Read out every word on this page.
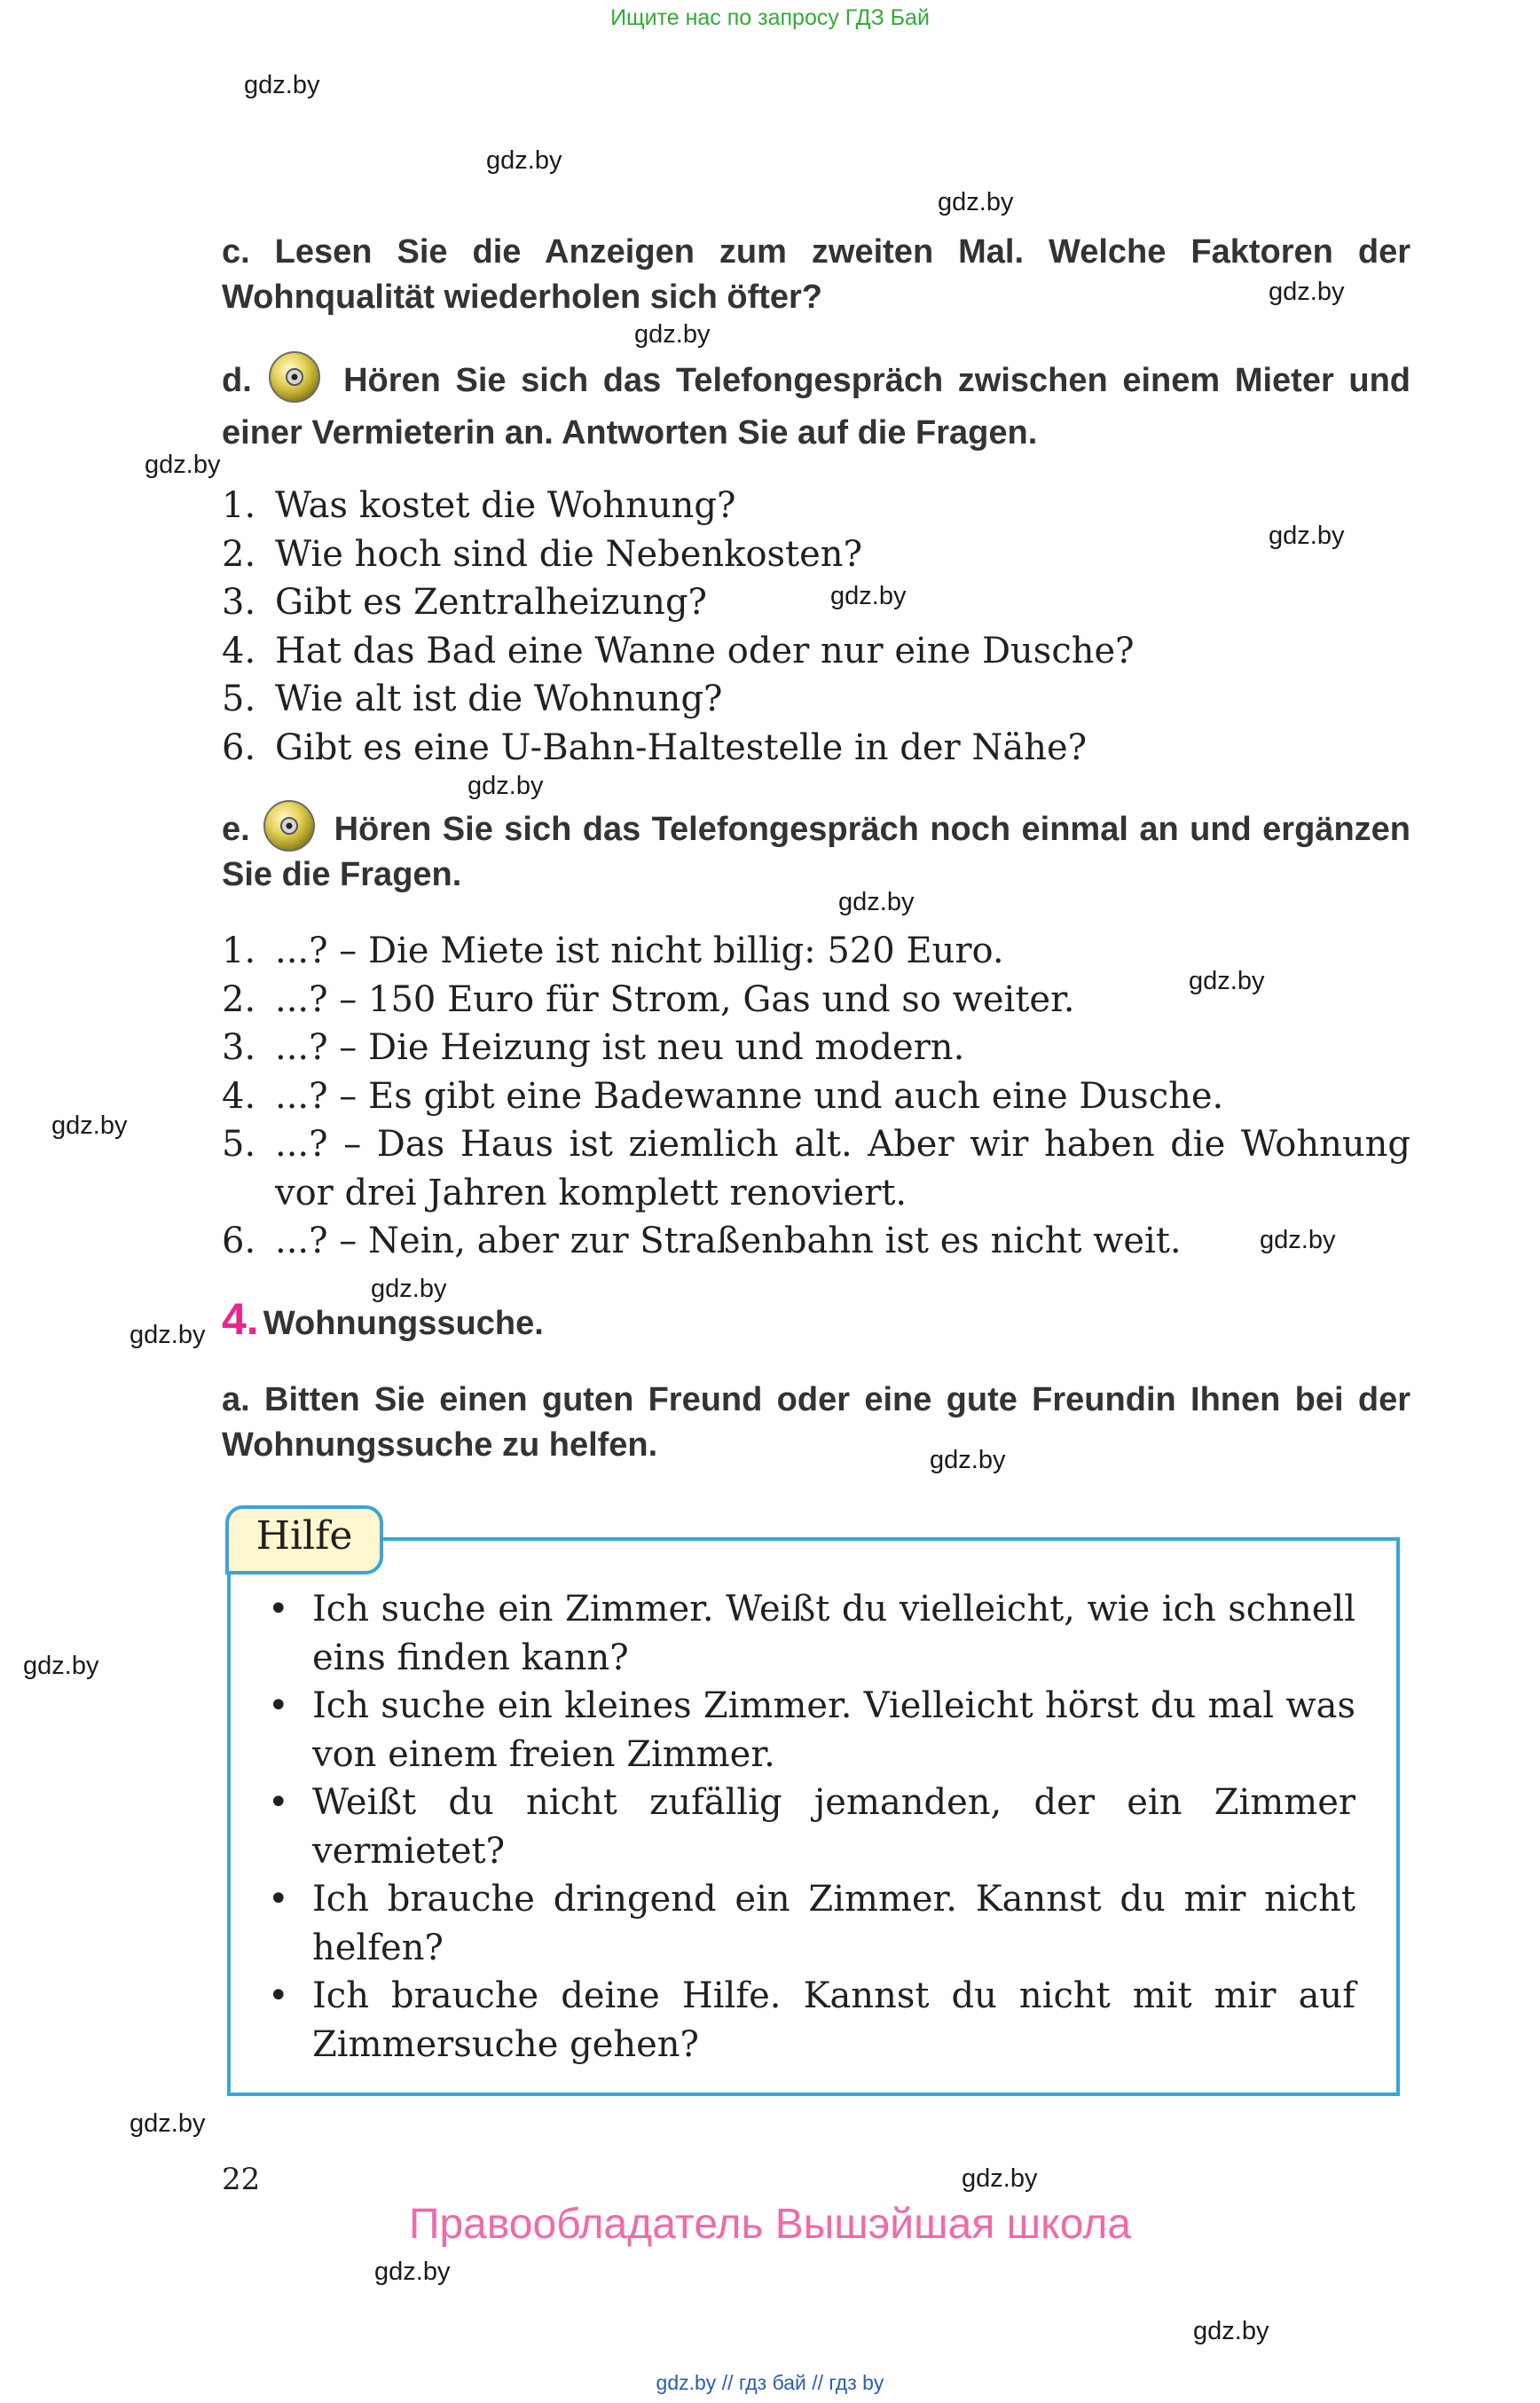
Ищите нас по запросу ГДЗ Бай
gdz.by
gdz.by
gdz.by
gdz.by
gdz.by
gdz.by
gdz.by
gdz.by
gdz.by
gdz.by
gdz.by
gdz.by
gdz.by
gdz.by
gdz.by
gdz.by
gdz.by
gdz.by
gdz.by
gdz.by
gdz.by
c. Lesen Sie die Anzeigen zum zweiten Mal. Welche Faktoren der Wohnqualität wiederholen sich öfter?
d.	Hören Sie sich das Telefongespräch zwischen einem Mieter und einer Vermieterin an. Antworten Sie auf die Fragen.
1. Was kostet die Wohnung?
2. Wie hoch sind die Nebenkosten?
3. Gibt es Zentralheizung?
4. Hat das Bad eine Wanne oder nur eine Dusche?
5. Wie alt ist die Wohnung?
6. Gibt es eine U-Bahn-Haltestelle in der Nähe?
e. Hören Sie sich das Telefongespräch noch einmal an und ergänzen Sie die Fragen.
1. ...? – Die Miete ist nicht billig: 520 Euro.
2. ...? – 150 Euro für Strom, Gas und so weiter.
3. ...? – Die Heizung ist neu und modern.
4. ...? – Es gibt eine Badewanne und auch eine Dusche.
5. ...? – Das Haus ist ziemlich alt. Aber wir haben die Wohnung vor drei Jahren komplett renoviert.
6. ...? – Nein, aber zur Straßenbahn ist es nicht weit.
4. Wohnungssuche.
a. Bitten Sie einen guten Freund oder eine gute Freundin Ihnen bei der Wohnungssuche zu helfen.
Hilfe
• Ich suche ein Zimmer. Weißt du vielleicht, wie ich schnell eins finden kann?
• Ich suche ein kleines Zimmer. Vielleicht hörst du mal was von einem freien Zimmer.
• Weißt du nicht zufällig jemanden, der ein Zimmer vermietet?
• Ich brauche dringend ein Zimmer. Kannst du mir nicht helfen?
• Ich brauche deine Hilfe. Kannst du nicht mit mir auf Zimmersuche gehen?
22
Правообладатель Вышэйшая школа
gdz.by // гдз бай // гдз by
